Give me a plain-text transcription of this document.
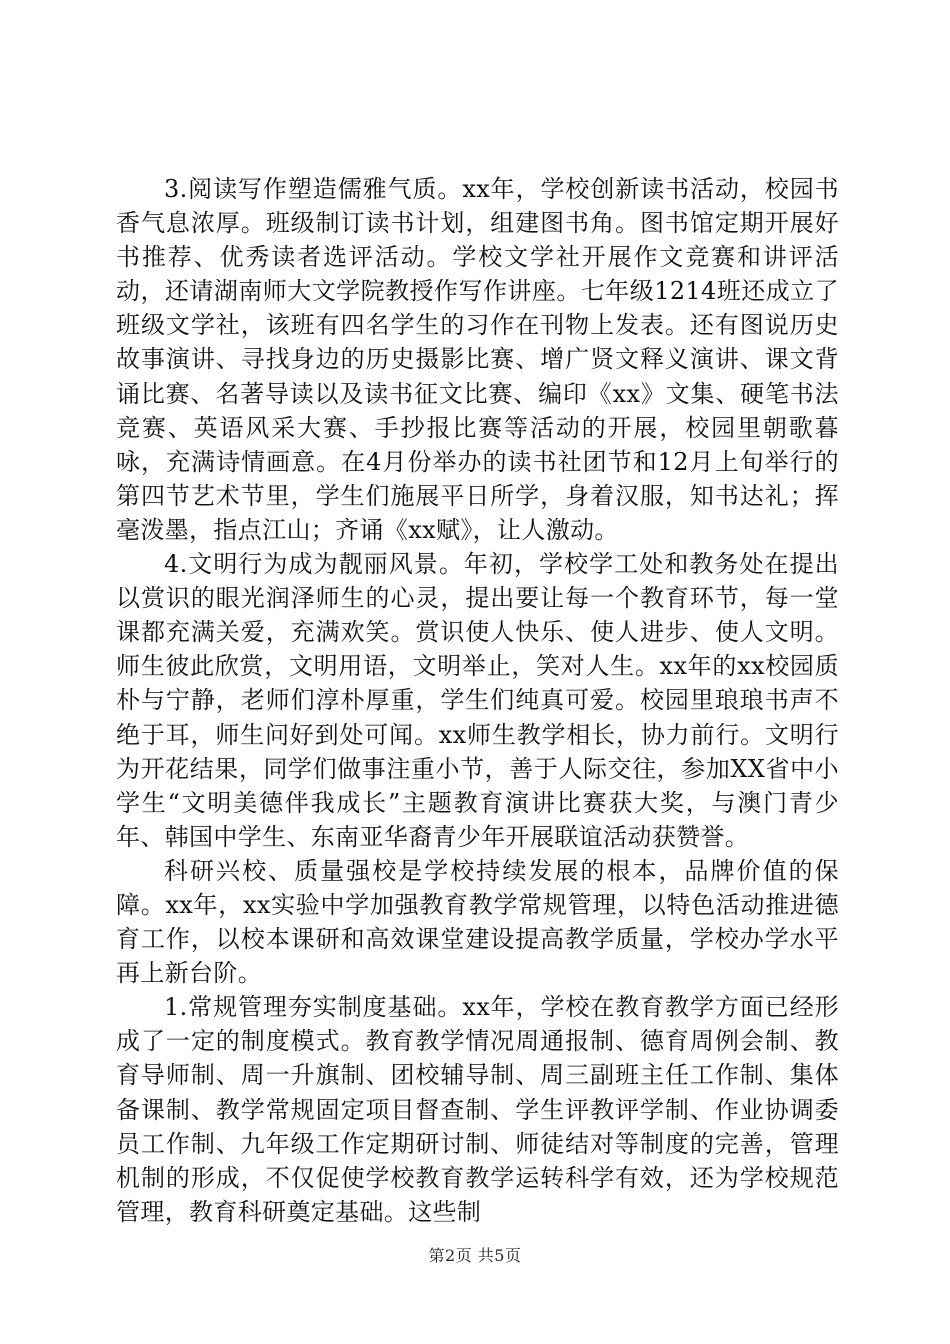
3.阅读写作塑造儒雅气质。xx年，学校创新读书活动，校园书香气息浓厚。班级制订读书计划，组建图书角。图书馆定期开展好书推荐、优秀读者选评活动。学校文学社开展作文竞赛和讲评活动，还请湖南师大文学院教授作写作讲座。七年级1214班还成立了班级文学社，该班有四名学生的习作在刊物上发表。还有图说历史故事演讲、寻找身边的历史摄影比赛、增广贤文释义演讲、课文背诵比赛、名著导读以及读书征文比赛、编印《xx》文集、硬笔书法竞赛、英语风采大赛、手抄报比赛等活动的开展，校园里朝歌暮咏，充满诗情画意。在4月份举办的读书社团节和12月上旬举行的第四节艺术节里，学生们施展平日所学，身着汉服，知书达礼；挥毫泼墨，指点江山；齐诵《xx赋》，让人激动。

4.文明行为成为靓丽风景。年初，学校学工处和教务处在提出以赏识的眼光润泽师生的心灵，提出要让每一个教育环节，每一堂课都充满关爱，充满欢笑。赏识使人快乐、使人进步、使人文明。师生彼此欣赏，文明用语，文明举止，笑对人生。xx年的xx校园质朴与宁静，老师们淳朴厚重，学生们纯真可爱。校园里琅琅书声不绝于耳，师生问好到处可闻。xx师生教学相长，协力前行。文明行为开花结果，同学们做事注重小节，善于人际交往，参加XX省中小学生“文明美德伴我成长”主题教育演讲比赛获大奖，与澳门青少年、韩国中学生、东南亚华裔青少年开展联谊活动获赞誉。

科研兴校、质量强校是学校持续发展的根本，品牌价值的保障。xx年，xx实验中学加强教育教学常规管理，以特色活动推进德育工作，以校本课研和高效课堂建设提高教学质量，学校办学水平再上新台阶。

1.常规管理夯实制度基础。xx年，学校在教育教学方面已经形成了一定的制度模式。教育教学情况周通报制、德育周例会制、教育导师制、周一升旗制、团校辅导制、周三副班主任工作制、集体备课制、教学常规固定项目督查制、学生评教评学制、作业协调委员工作制、九年级工作定期研讨制、师徒结对等制度的完善，管理机制的形成，不仅促使学校教育教学运转科学有效，还为学校规范管理，教育科研奠定基础。这些制

第2页 共5页
